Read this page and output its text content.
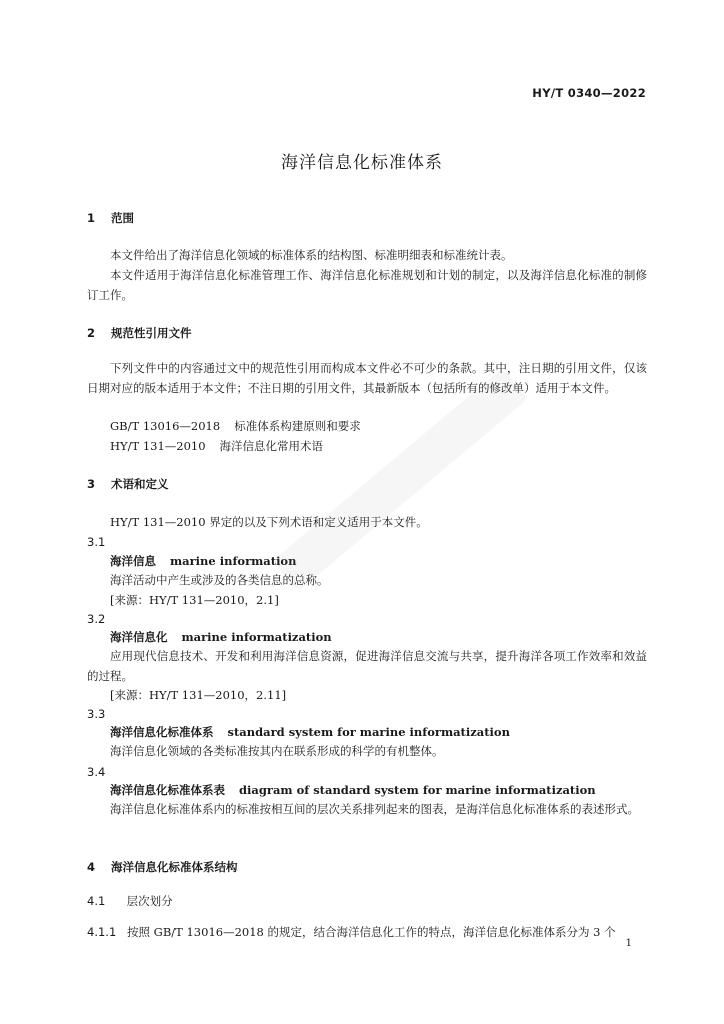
HY/T 0340—2022
海洋信息化标准体系
1 范围
本文件给出了海洋信息化领域的标准体系的结构图、标准明细表和标准统计表。
本文件适用于海洋信息化标准管理工作、海洋信息化标准规划和计划的制定，以及海洋信息化标准的制修订工作。
2 规范性引用文件
下列文件中的内容通过文中的规范性引用而构成本文件必不可少的条款。其中，注日期的引用文件，仅该日期对应的版本适用于本文件；不注日期的引用文件，其最新版本（包括所有的修改单）适用于本文件。
GB/T 13016—2018 标准体系构建原则和要求
HY/T 131—2010 海洋信息化常用术语
3 术语和定义
HY/T 131—2010 界定的以及下列术语和定义适用于本文件。
3.1
海洋信息 marine information
海洋活动中产生或涉及的各类信息的总称。
[来源：HY/T 131—2010，2.1]
3.2
海洋信息化 marine informatization
应用现代信息技术、开发和利用海洋信息资源，促进海洋信息交流与共享，提升海洋各项工作效率和效益的过程。
[来源：HY/T 131—2010，2.11]
3.3
海洋信息化标准体系 standard system for marine informatization
海洋信息化领域的各类标准按其内在联系形成的科学的有机整体。
3.4
海洋信息化标准体系表 diagram of standard system for marine informatization
海洋信息化标准体系内的标准按相互间的层次关系排列起来的图表，是海洋信息化标准体系的表述形式。
4 海洋信息化标准体系结构
4.1 层次划分
4.1.1 按照 GB/T 13016—2018 的规定，结合海洋信息化工作的特点，海洋信息化标准体系分为 3 个
1
